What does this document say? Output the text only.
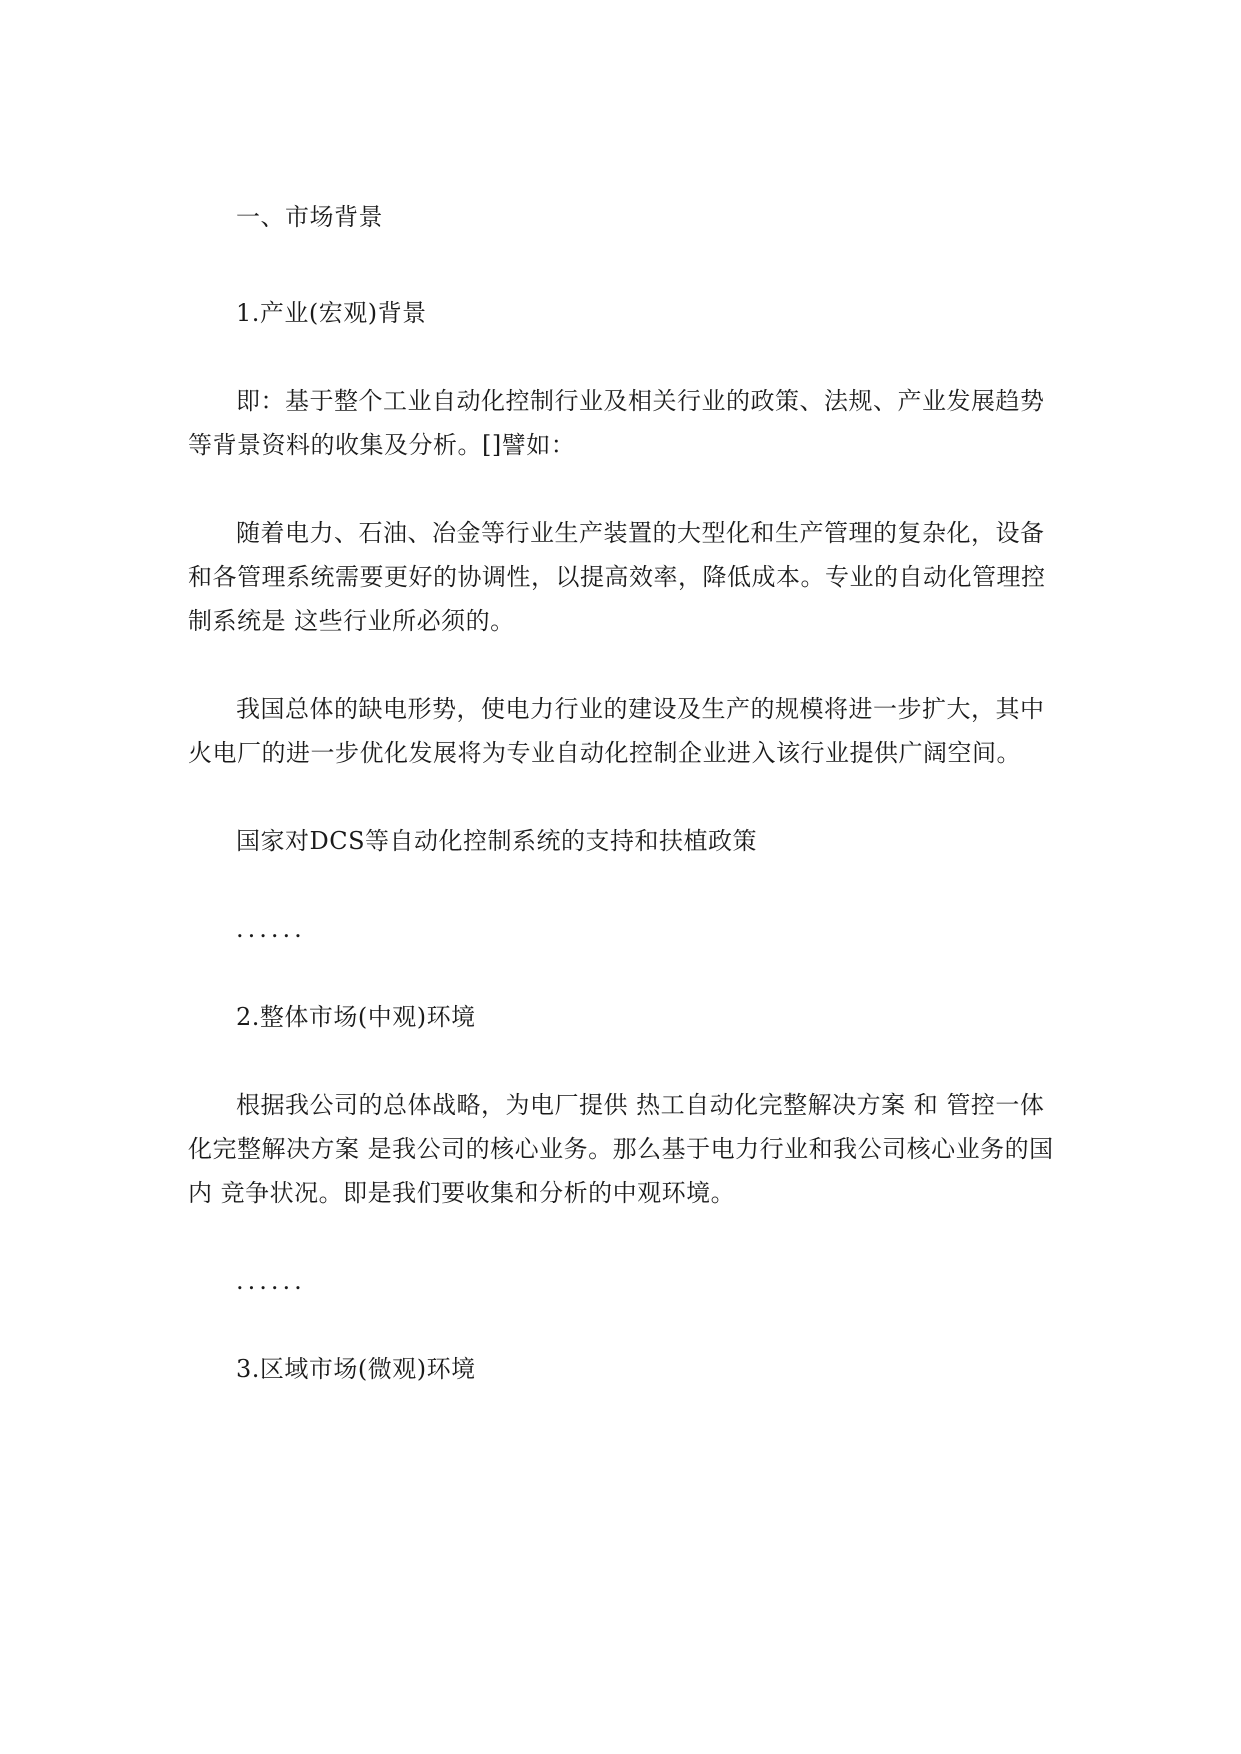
一、市场背景

1.产业(宏观)背景

即：基于整个工业自动化控制行业及相关行业的政策、法规、产业发展趋势等背景资料的收集及分析。[]譬如：

随着电力、石油、冶金等行业生产装置的大型化和生产管理的复杂化，设备和各管理系统需要更好的协调性，以提高效率，降低成本。专业的自动化管理控制系统是 这些行业所必须的。

我国总体的缺电形势，使电力行业的建设及生产的规模将进一步扩大，其中火电厂的进一步优化发展将为专业自动化控制企业进入该行业提供广阔空间。

国家对DCS等自动化控制系统的支持和扶植政策

......

2.整体市场(中观)环境

根据我公司的总体战略，为电厂提供 热工自动化完整解决方案 和 管控一体化完整解决方案 是我公司的核心业务。那么基于电力行业和我公司核心业务的国内 竞争状况。即是我们要收集和分析的中观环境。

......

3.区域市场(微观)环境
